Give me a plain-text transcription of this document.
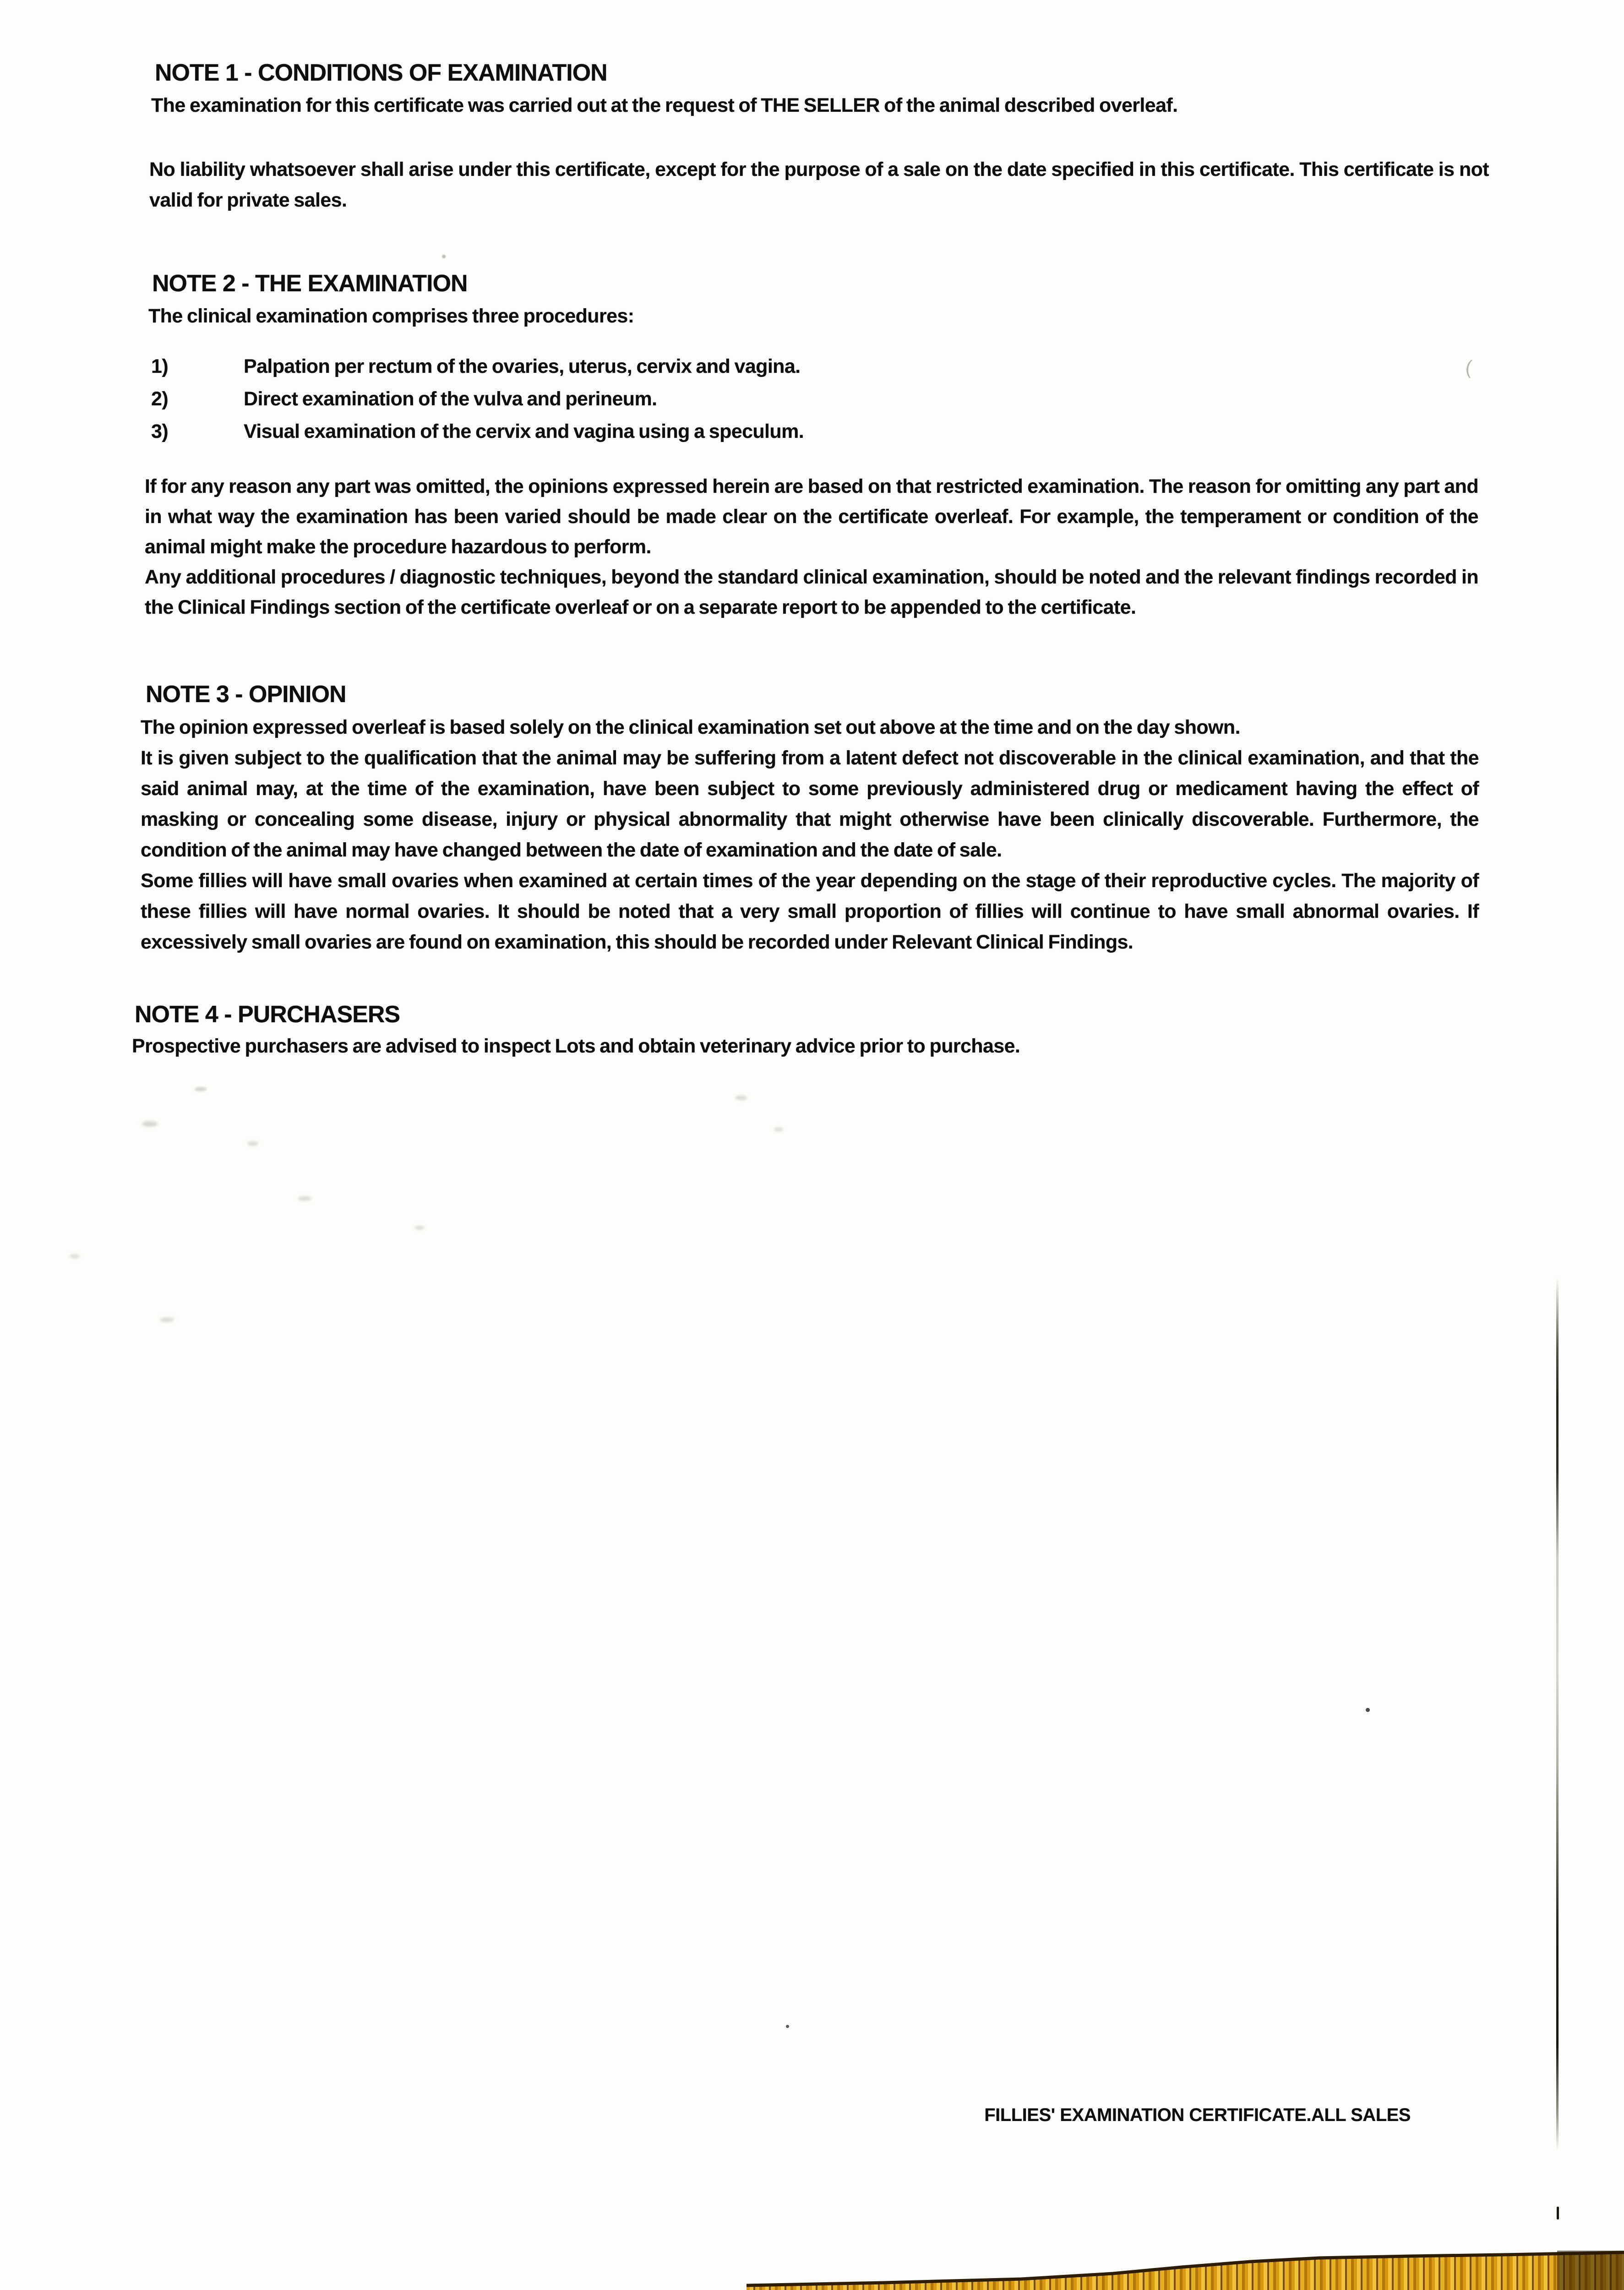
NOTE 1 - CONDITIONS OF EXAMINATION

The examination for this certificate was carried out at the request of THE SELLER of the animal described overleaf.

No liability whatsoever shall arise under this certificate, except for the purpose of a sale on the date specified in this certificate. This certificate is not valid for private sales.

NOTE 2 - THE EXAMINATION

The clinical examination comprises three procedures:

1)	Palpation per rectum of the ovaries, uterus, cervix and vagina.
2)	Direct examination of the vulva and perineum.
3)	Visual examination of the cervix and vagina using a speculum.

If for any reason any part was omitted, the opinions expressed herein are based on that restricted examination. The reason for omitting any part and in what way the examination has been varied should be made clear on the certificate overleaf. For example, the temperament or condition of the animal might make the procedure hazardous to perform.

Any additional procedures / diagnostic techniques, beyond the standard clinical examination, should be noted and the relevant findings recorded in the Clinical Findings section of the certificate overleaf or on a separate report to be appended to the certificate.

NOTE 3 - OPINION

The opinion expressed overleaf is based solely on the clinical examination set out above at the time and on the day shown.

It is given subject to the qualification that the animal may be suffering from a latent defect not discoverable in the clinical examination, and that the said animal may, at the time of the examination, have been subject to some previously administered drug or medicament having the effect of masking or concealing some disease, injury or physical abnormality that might otherwise have been clinically discoverable. Furthermore, the condition of the animal may have changed between the date of examination and the date of sale.

Some fillies will have small ovaries when examined at certain times of the year depending on the stage of their reproductive cycles. The majority of these fillies will have normal ovaries. It should be noted that a very small proportion of fillies will continue to have small abnormal ovaries. If excessively small ovaries are found on examination, this should be recorded under Relevant Clinical Findings.

NOTE 4 - PURCHASERS

Prospective purchasers are advised to inspect Lots and obtain veterinary advice prior to purchase.

FILLIES' EXAMINATION CERTIFICATE.ALL SALES
(
